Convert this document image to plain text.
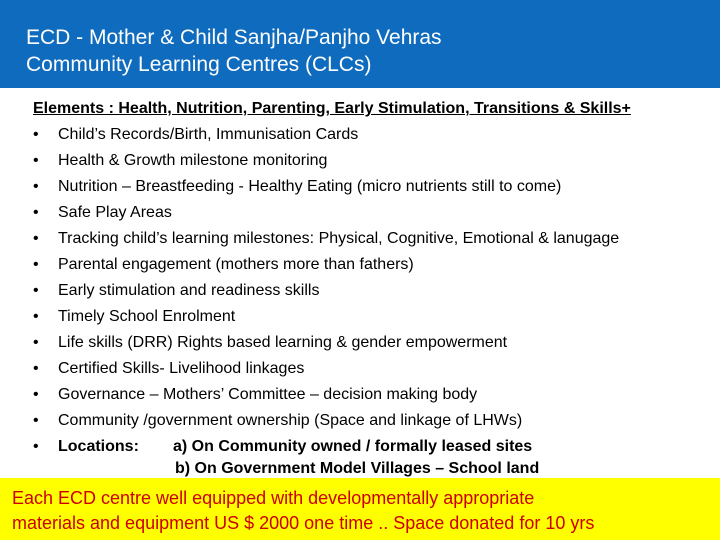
ECD - Mother & Child Sanjha/Panjho Vehras
Community Learning Centres (CLCs)
Elements : Health, Nutrition, Parenting, Early Stimulation, Transitions & Skills+
•	Child’s Records/Birth, Immunisation Cards
•	Health & Growth milestone monitoring
•	Nutrition – Breastfeeding - Healthy Eating (micro nutrients still to come)
•	Safe Play Areas
•	Tracking child’s learning milestones: Physical, Cognitive, Emotional & lanugage
•	Parental engagement (mothers more than fathers)
•	Early stimulation and readiness skills
•	Timely School Enrolment
•	Life skills (DRR) Rights based learning & gender empowerment
•	Certified Skills- Livelihood linkages
•	Governance – Mothers’ Committee – decision making body
•	Community /government ownership (Space and linkage of LHWs)
•	Locations:	a) On Community owned / formally leased sites
b) On Government Model Villages – School land
Each ECD centre well equipped with developmentally appropriate
materials and equipment US $ 2000 one time .. Space donated for 10 yrs
